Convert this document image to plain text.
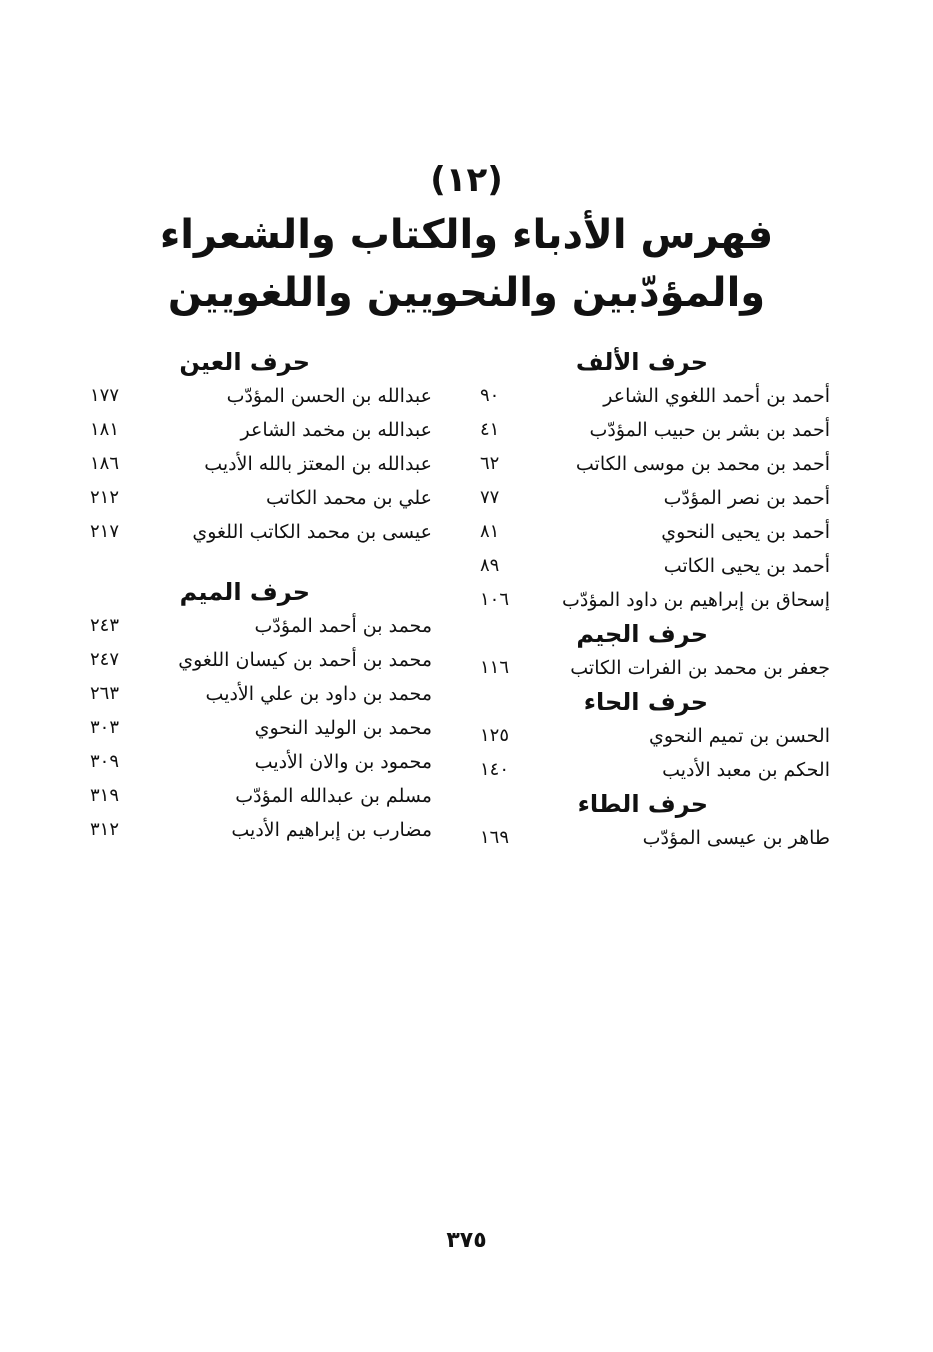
(١٢)
فهرس الأدباء والكتاب والشعراء
والمؤدّبين والنحويين واللغويين
حرف الألف
أحمد بن أحمد اللغوي الشاعر
٩٠
أحمد بن بشر بن حبيب المؤدّب
٤١
أحمد بن محمد بن موسى الكاتب
٦٢
أحمد بن نصر المؤدّب
٧٧
أحمد بن يحيى النحوي
٨١
أحمد بن يحيى الكاتب
٨٩
إسحاق بن إبراهيم بن داود المؤدّب
١٠٦
حرف الجيم
جعفر بن محمد بن الفرات الكاتب
١١٦
حرف الحاء
الحسن بن تميم النحوي
١٢٥
الحكم بن معبد الأديب
١٤٠
حرف الطاء
طاهر بن عيسى المؤدّب
١٦٩
حرف العين
عبدالله بن الحسن المؤدّب
١٧٧
عبدالله بن مخمد الشاعر
١٨١
عبدالله بن المعتز بالله الأديب
١٨٦
علي بن محمد الكاتب
٢١٢
عيسى بن محمد الكاتب اللغوي
٢١٧
حرف الميم
محمد بن أحمد المؤدّب
٢٤٣
محمد بن أحمد بن كيسان اللغوي
٢٤٧
محمد بن داود بن علي الأديب
٢٦٣
محمد بن الوليد النحوي
٣٠٣
محمود بن والان الأديب
٣٠٩
مسلم بن عبدالله المؤدّب
٣١٩
مضارب بن إبراهيم الأديب
٣١٢
٣٧٥
